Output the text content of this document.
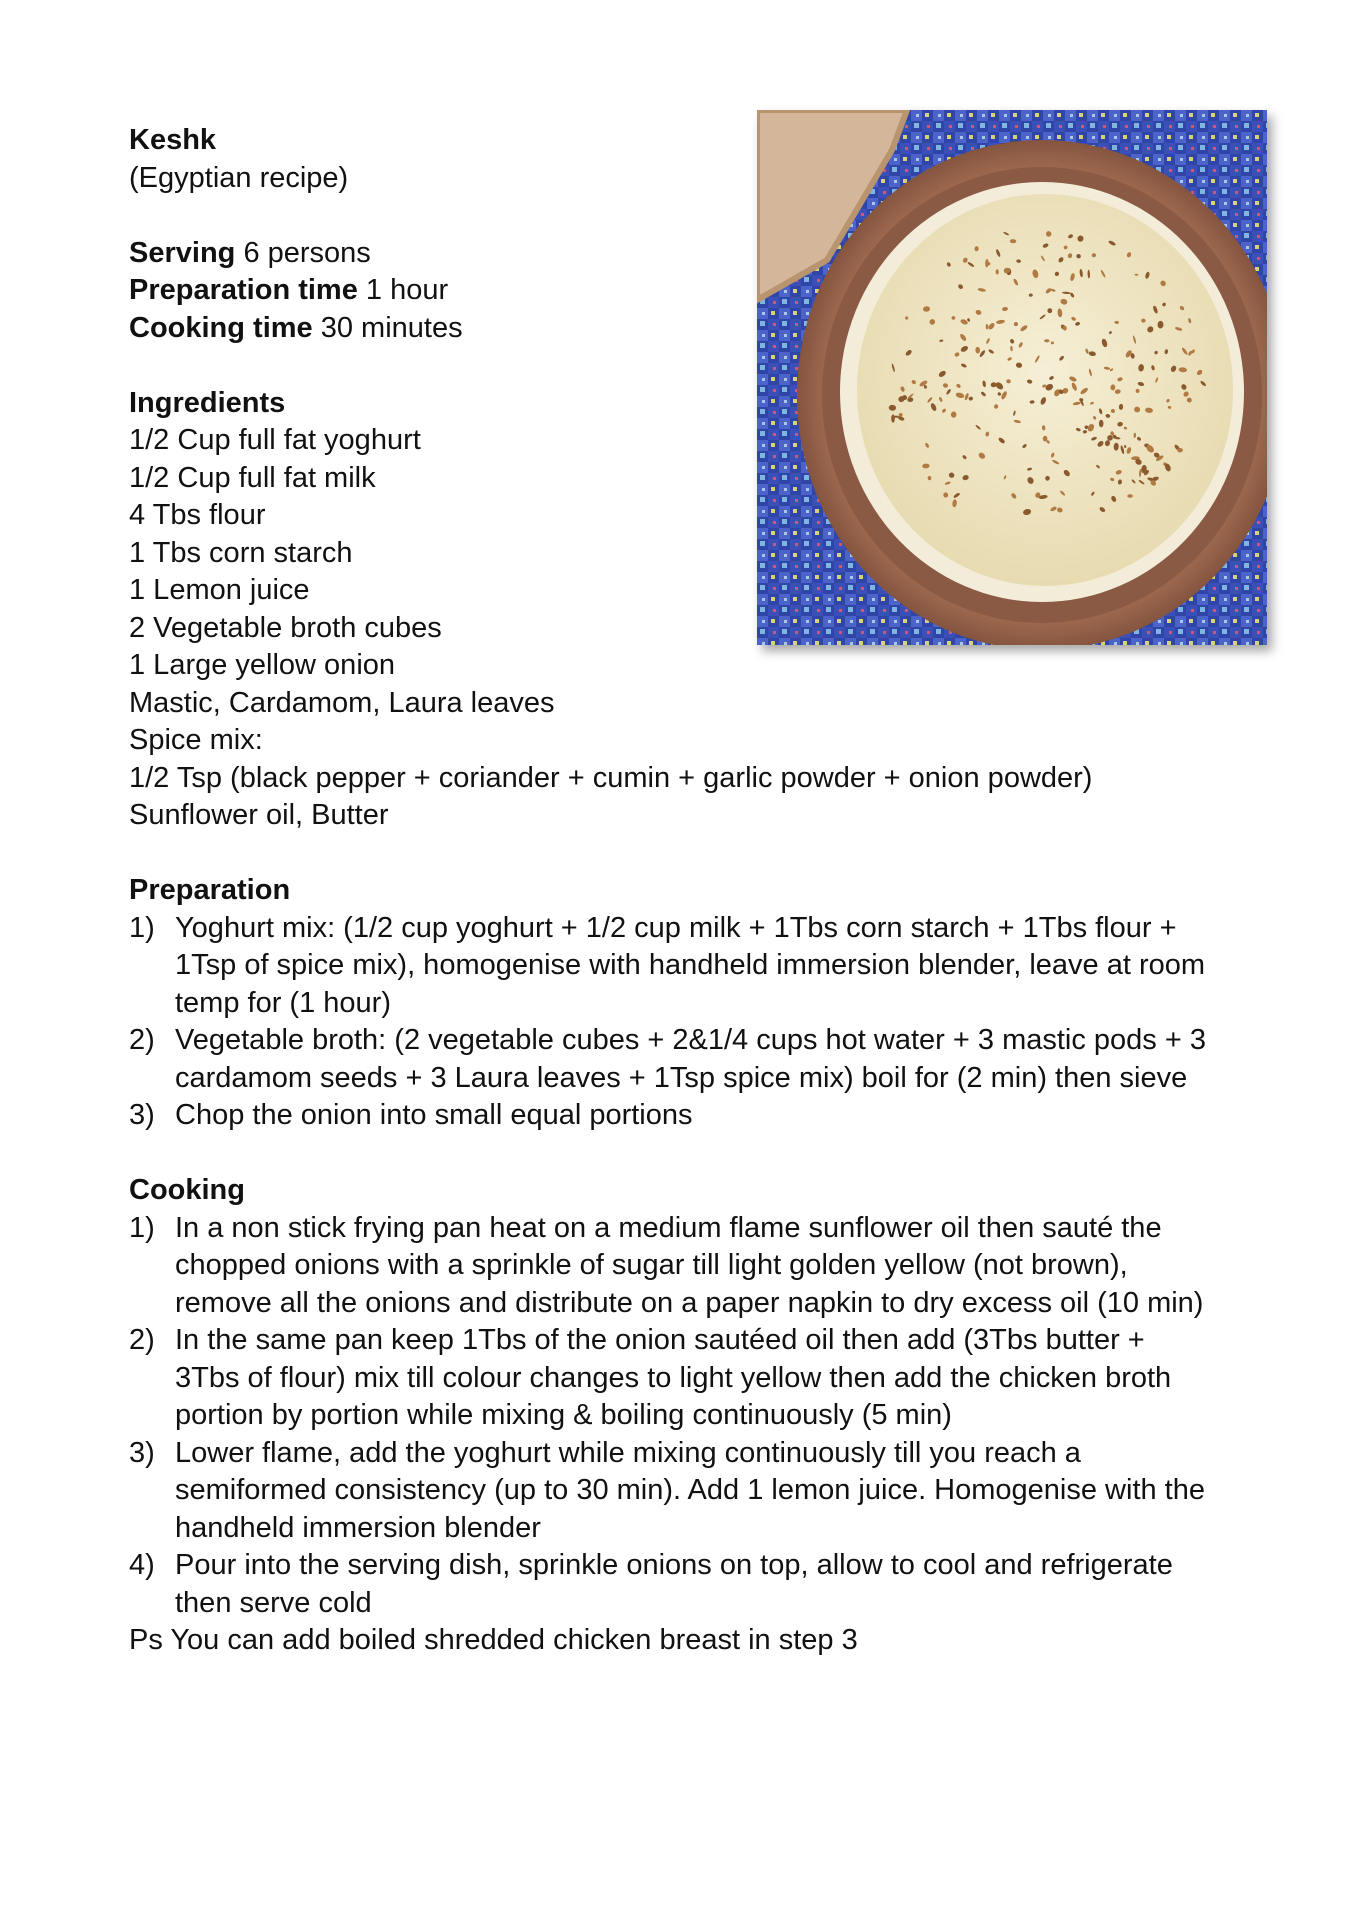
Keshk
(Egyptian recipe)
Serving 6 persons
Preparation time 1 hour
Cooking time 30 minutes
Ingredients
1/2 Cup full fat yoghurt
1/2 Cup full fat milk
4 Tbs flour
1 Tbs corn starch
1 Lemon juice
2 Vegetable broth cubes
1 Large yellow onion
Mastic, Cardamom, Laura leaves
Spice mix:
1/2 Tsp (black pepper + coriander + cumin + garlic powder + onion powder)
Sunflower oil, Butter
Preparation
1) Yoghurt mix: (1/2 cup yoghurt + 1/2 cup milk + 1Tbs corn starch + 1Tbs flour +
1Tsp of spice mix), homogenise with handheld immersion blender, leave at room
temp for (1 hour)
2) Vegetable broth: (2 vegetable cubes + 2&1/4 cups hot water + 3 mastic pods + 3
cardamom seeds + 3 Laura leaves + 1Tsp spice mix) boil for (2 min) then sieve
3) Chop the onion into small equal portions
Cooking
1) In a non stick frying pan heat on a medium flame sunflower oil then sauté the
chopped onions with a sprinkle of sugar till light golden yellow (not brown),
remove all the onions and distribute on a paper napkin to dry excess oil (10 min)
2) In the same pan keep 1Tbs of the onion sautéed oil then add (3Tbs butter +
3Tbs of flour) mix till colour changes to light yellow then add the chicken broth
portion by portion while mixing & boiling continuously (5 min)
3) Lower flame, add the yoghurt while mixing continuously till you reach a
semiformed consistency (up to 30 min). Add 1 lemon juice. Homogenise with the
handheld immersion blender
4) Pour into the serving dish, sprinkle onions on top, allow to cool and refrigerate
then serve cold
Ps You can add boiled shredded chicken breast in step 3
